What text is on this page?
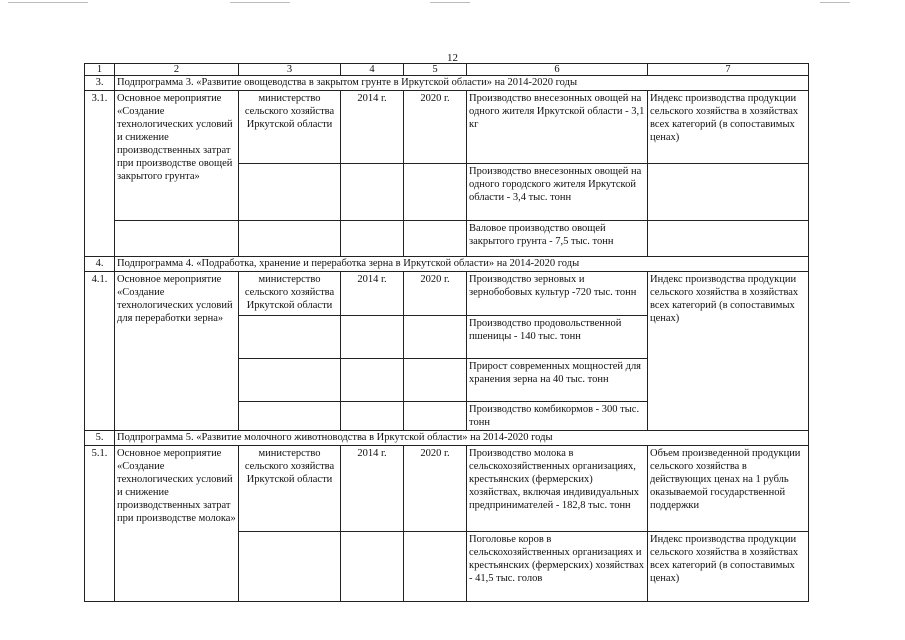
12
1	2	3	4	5	6	7
3.	Подпрограмма 3. «Развитие овощеводства в закрытом грунте в Иркутской области» на 2014-2020 годы					
3.1.	Основное мероприятие «Создание технологических условий и снижение производственных затрат при производстве овощей закрытого грунта»	министерство сельского хозяйства Иркутской области	2014 г.	2020 г.	Производство внесезонных овощей на одного жителя Иркутской области - 3,1 кг	Индекс производства продукции сельского хозяйства в хозяйствах всех категорий (в сопоставимых ценах)
					Производство внесезонных овощей на одного городского жителя Иркутской области - 3,4 тыс. тонн	
					Валовое производство овощей закрытого грунта - 7,5 тыс. тонн	
4.	Подпрограмма 4. «Подработка, хранение и переработка зерна в Иркутской области» на 2014-2020 годы					
4.1.	Основное мероприятие «Создание технологических условий для переработки зерна»	министерство сельского хозяйства Иркутской области	2014 г.	2020 г.	Производство зерновых и зернобобовых культур -720 тыс. тонн	Индекс производства продукции сельского хозяйства в хозяйствах всех категорий (в сопоставимых ценах)
					Производство продовольственной пшеницы - 140 тыс. тонн	
					Прирост современных мощностей для хранения зерна на 40 тыс. тонн	
					Производство комбикормов - 300 тыс. тонн	
5.	Подпрограмма 5. «Развитие молочного животноводства в Иркутской области» на 2014-2020 годы					
5.1.	Основное мероприятие «Создание технологических условий и снижение производственных затрат при производстве молока»	министерство сельского хозяйства Иркутской области	2014 г.	2020 г.	Производство молока в сельскохозяйственных организациях, крестьянских (фермерских) хозяйствах, включая индивидуальных предпринимателей - 182,8 тыс. тонн	Объем произведенной продукции сельского хозяйства в действующих ценах на 1 рубль оказываемой государственной поддержки
					Поголовье коров в сельскохозяйственных организациях и крестьянских (фермерских) хозяйствах - 41,5 тыс. голов	Индекс производства продукции сельского хозяйства в хозяйствах всех категорий (в сопоставимых ценах)
